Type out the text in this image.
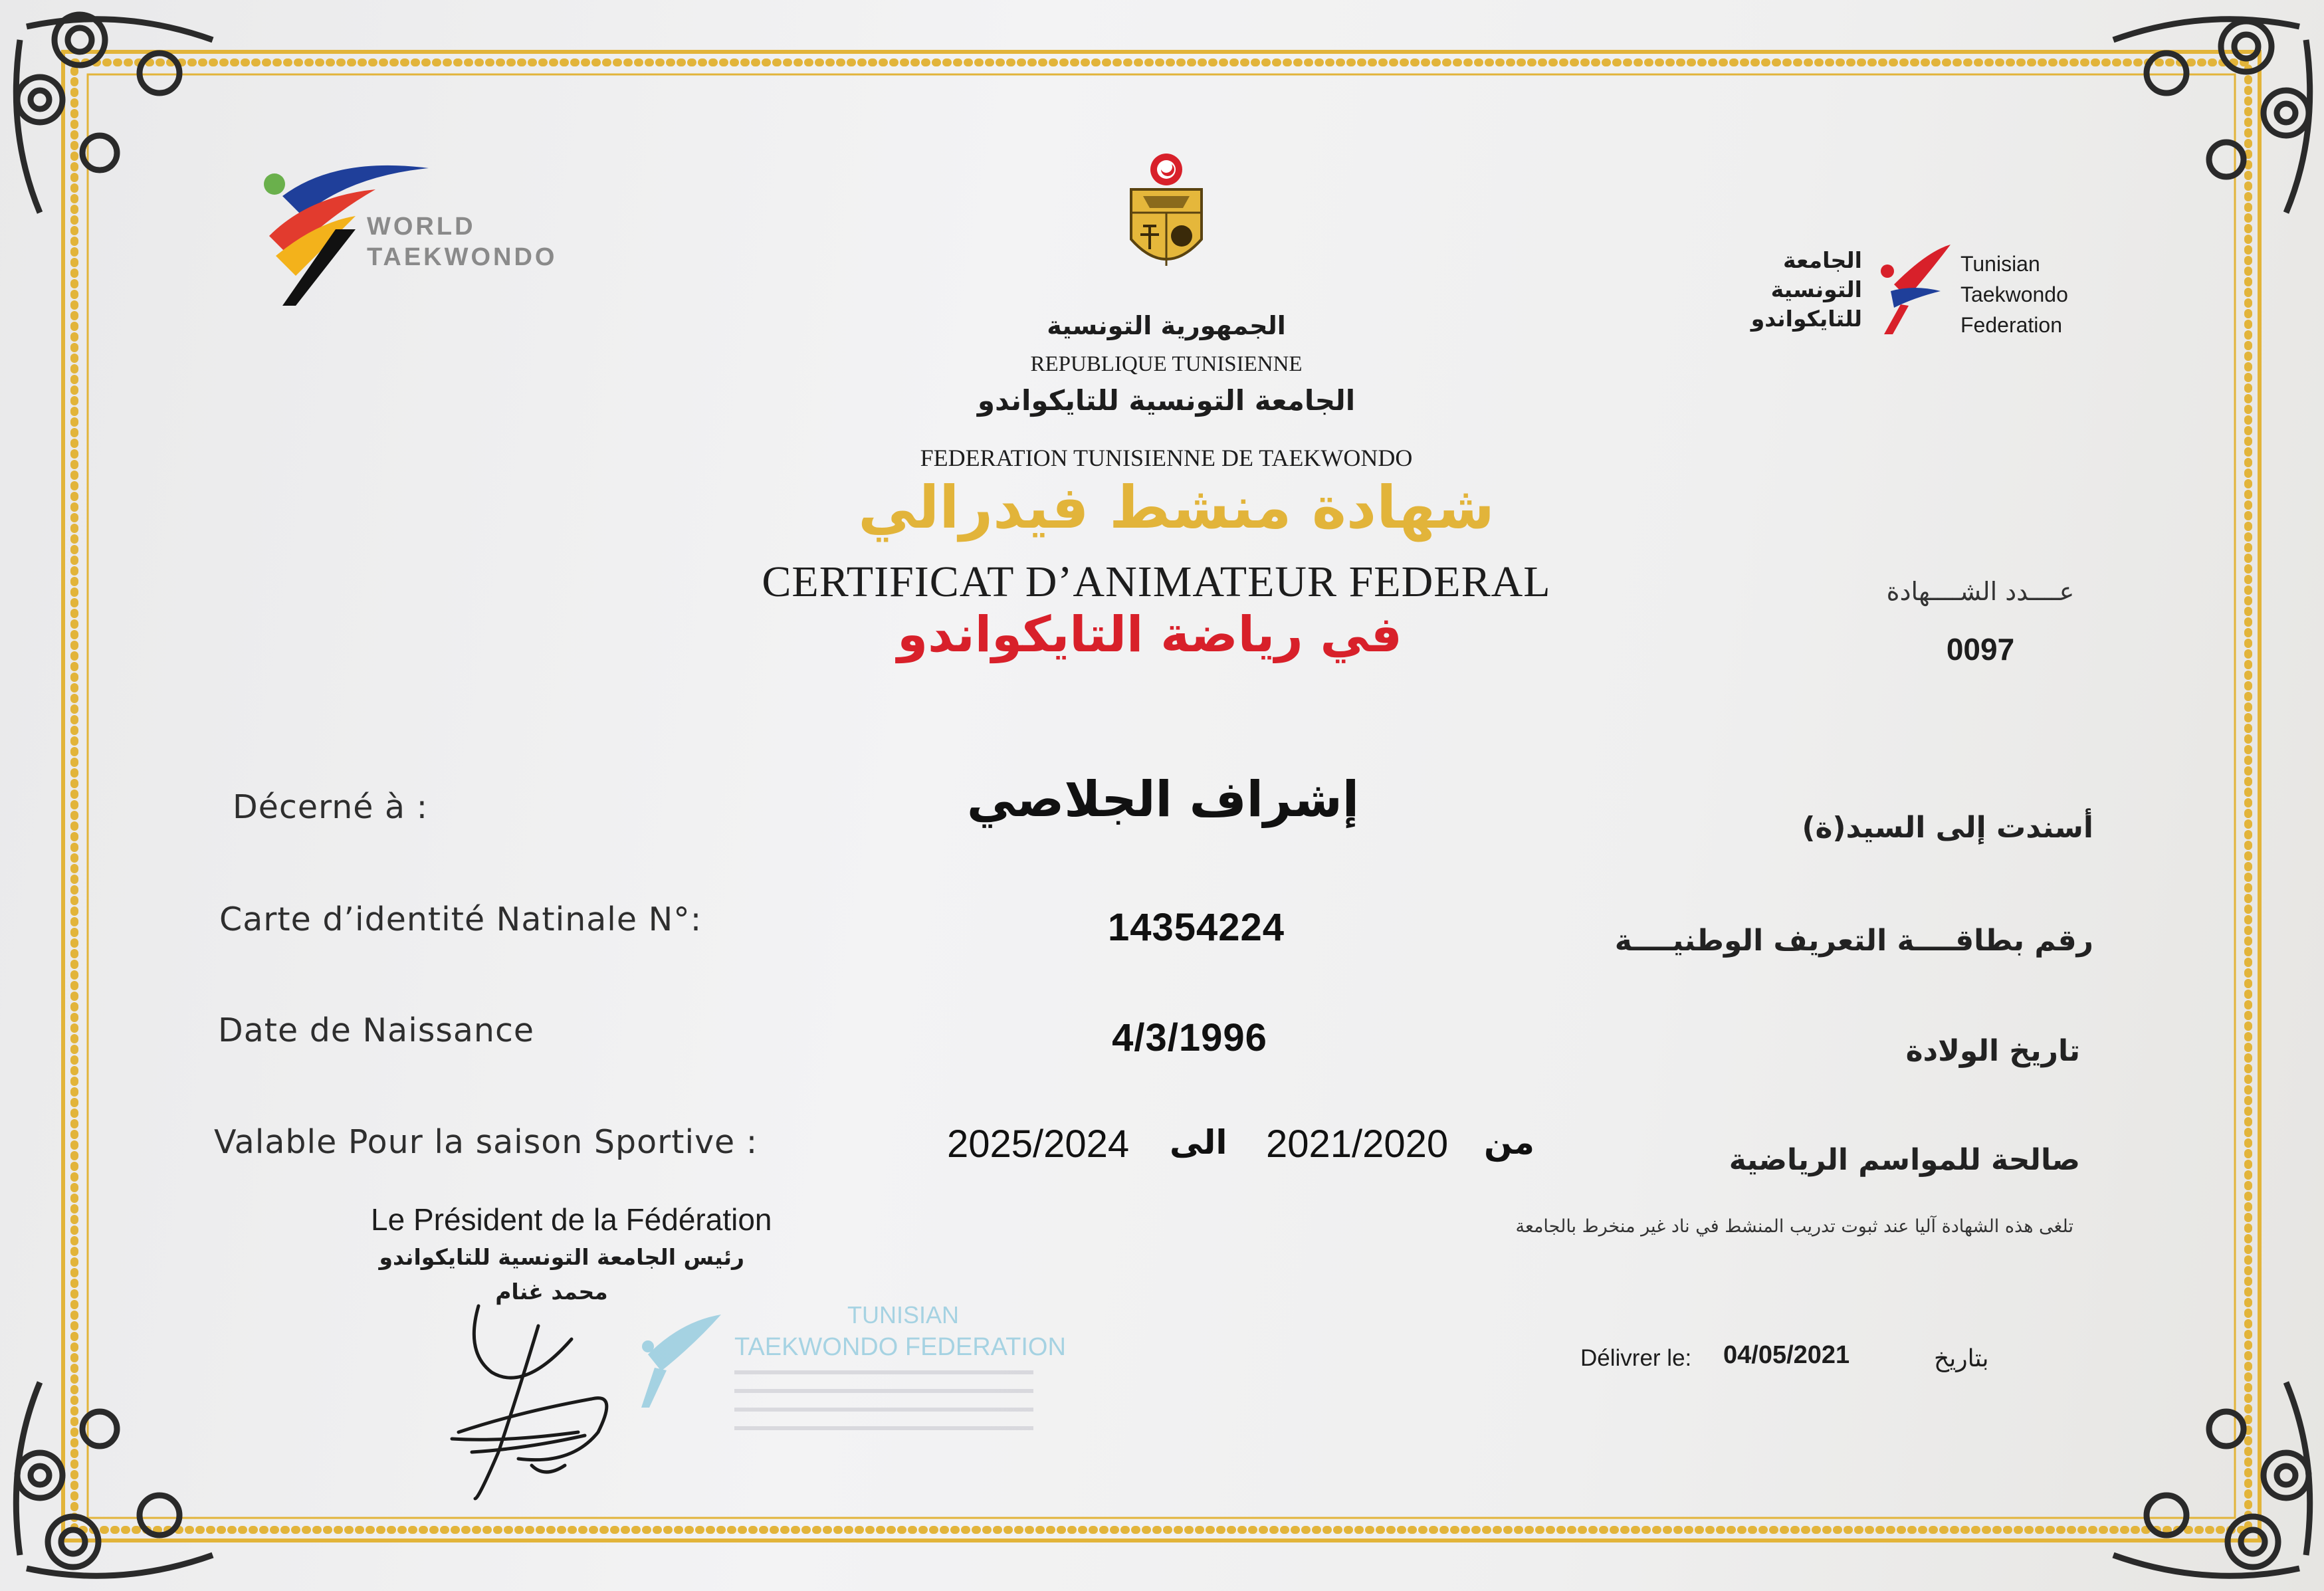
WORLD
TAEKWONDO
الجمهورية التونسية
REPUBLIQUE TUNISIENNE
الجامعة التونسية للتايكواندو
FEDERATION TUNISIENNE DE TAEKWONDO
شهادة منشط فيدرالي
CERTIFICAT D’ANIMATEUR FEDERAL
في رياضة التايكواندو
الجامعة
التونسية
للتايكواندو
Tunisian
Taekwondo
Federation
عــــدد الشــــهادة
0097
Décerné à :	إشراف الجلاصي	أسندت إلى السيد(ة)
Carte d’identité Natinale N°:	14354224	رقم بطاقــــة التعريف الوطنيــــة
Date de Naissance	4/3/1996	تاريخ الولادة
Valable Pour la saison Sportive :	2025/2024 الى 2021/2020 من	صالحة للمواسم الرياضية
Le Président de la Fédération
رئيس الجامعة التونسية للتايكواندو
محمد غنام
TUNISIAN
TAEKWONDO FEDERATION
تلغى هذه الشهادة آليا عند ثبوت تدريب المنشط في ناد غير منخرط بالجامعة
Délivrer le: 04/05/2021	بتاريخ
